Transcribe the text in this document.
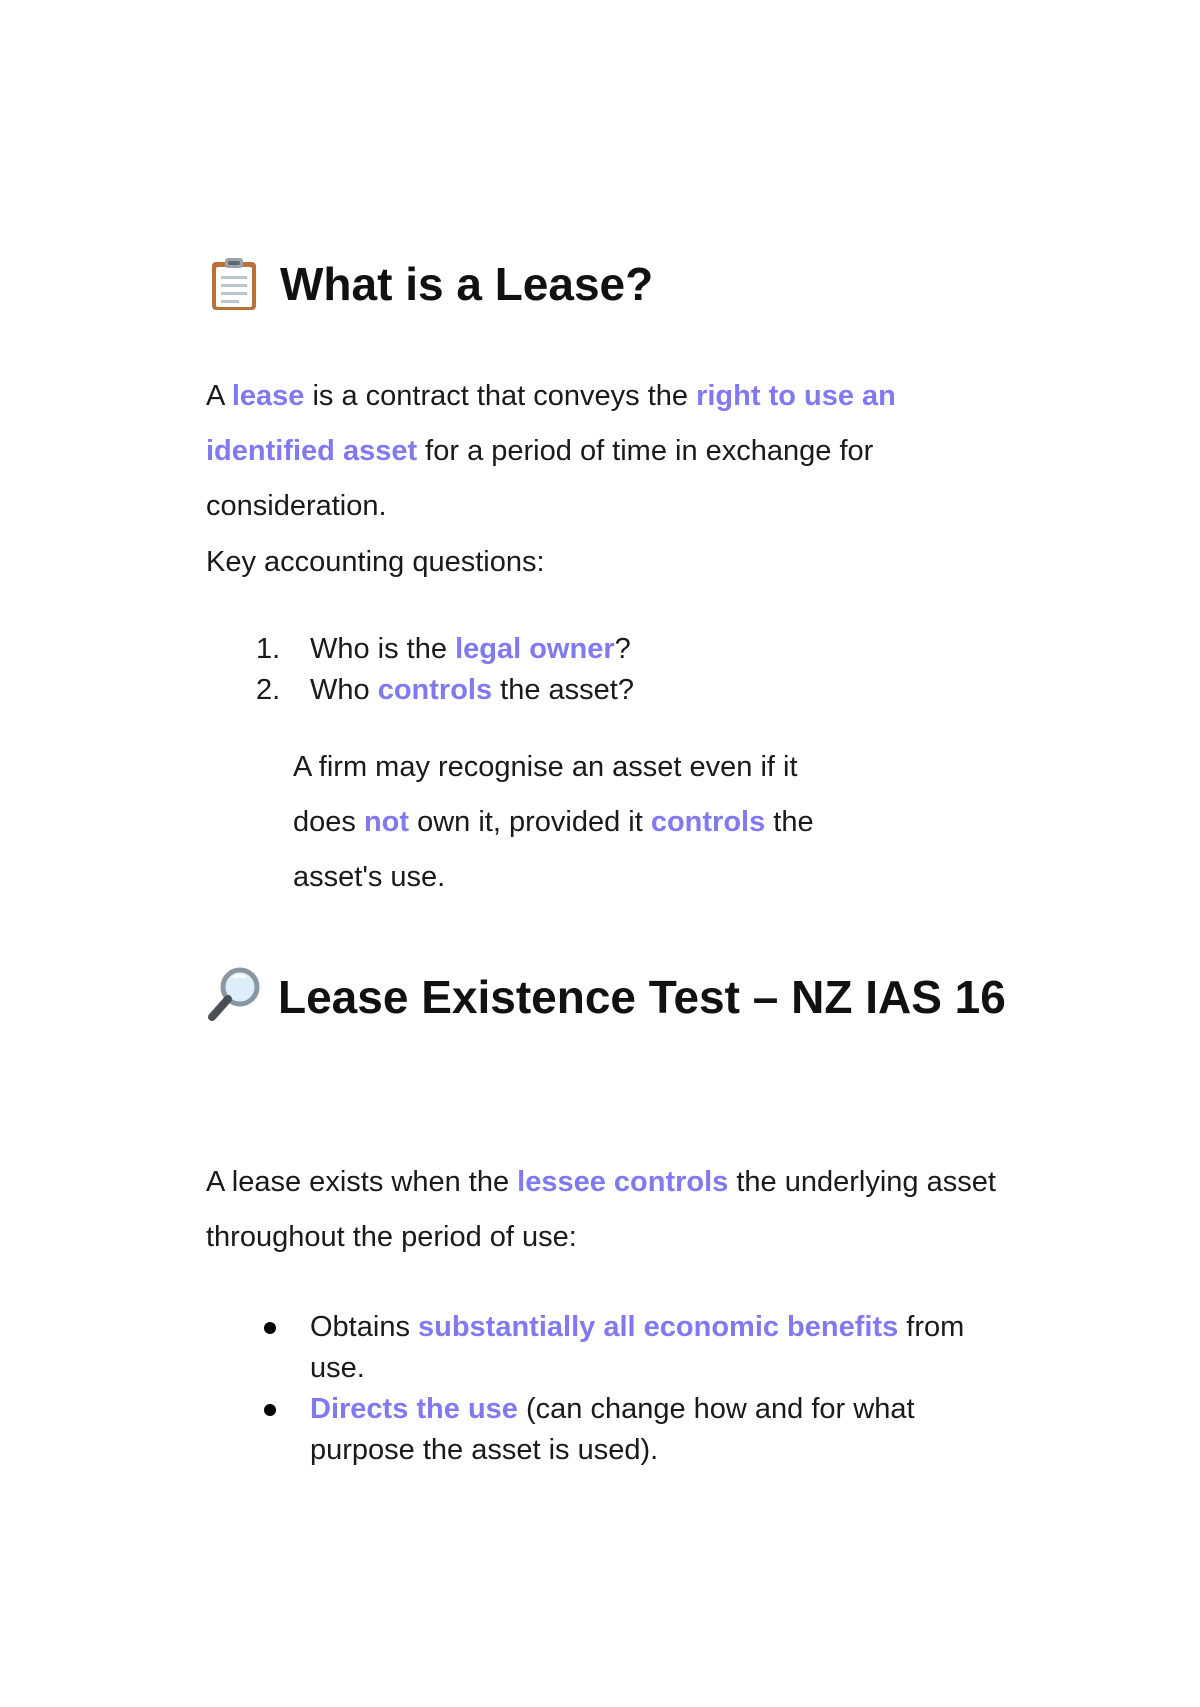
What is a Lease?

A lease is a contract that conveys the right to use an identified asset for a period of time in exchange for consideration.

Key accounting questions:

1.	Who is the legal owner?
2.	Who controls the asset?

A firm may recognise an asset even if it does not own it, provided it controls the asset's use.

Lease Existence Test – NZ IAS 16

A lease exists when the lessee controls the underlying asset throughout the period of use:

Obtains substantially all economic benefits from use.
Directs the use (can change how and for what purpose the asset is used).
